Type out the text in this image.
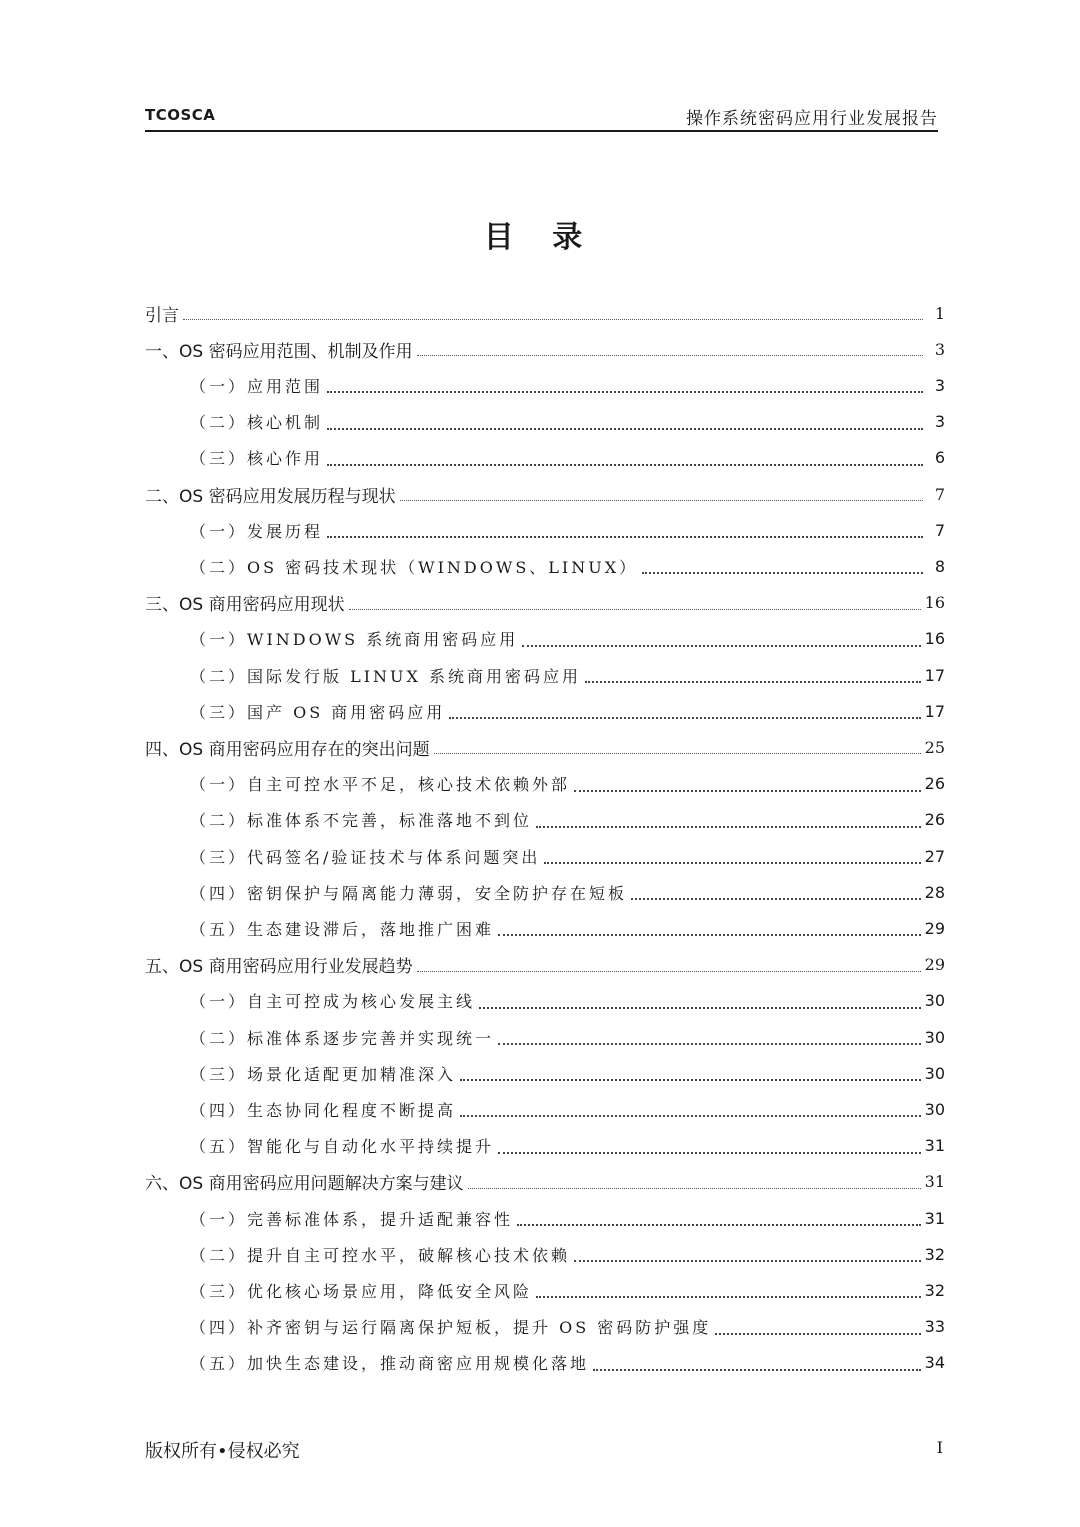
TCOSCA	操作系统密码应用行业发展报告
目 录
引言	1
一、OS 密码应用范围、机制及作用	3
（一）应用范围	3
（二）核心机制	3
（三）核心作用	6
二、OS 密码应用发展历程与现状	7
（一）发展历程	7
（二）OS 密码技术现状（WINDOWS、LINUX）	8
三、OS 商用密码应用现状	16
（一）WINDOWS 系统商用密码应用	16
（二）国际发行版 LINUX 系统商用密码应用	17
（三）国产 OS 商用密码应用	17
四、OS 商用密码应用存在的突出问题	25
（一）自主可控水平不足，核心技术依赖外部	26
（二）标准体系不完善，标准落地不到位	26
（三）代码签名/验证技术与体系问题突出	27
（四）密钥保护与隔离能力薄弱，安全防护存在短板	28
（五）生态建设滞后，落地推广困难	29
五、OS 商用密码应用行业发展趋势	29
（一）自主可控成为核心发展主线	30
（二）标准体系逐步完善并实现统一	30
（三）场景化适配更加精准深入	30
（四）生态协同化程度不断提高	30
（五）智能化与自动化水平持续提升	31
六、OS 商用密码应用问题解决方案与建议	31
（一）完善标准体系，提升适配兼容性	31
（二）提升自主可控水平，破解核心技术依赖	32
（三）优化核心场景应用，降低安全风险	32
（四）补齐密钥与运行隔离保护短板，提升 OS 密码防护强度	33
（五）加快生态建设，推动商密应用规模化落地	34
版权所有•侵权必究	I
